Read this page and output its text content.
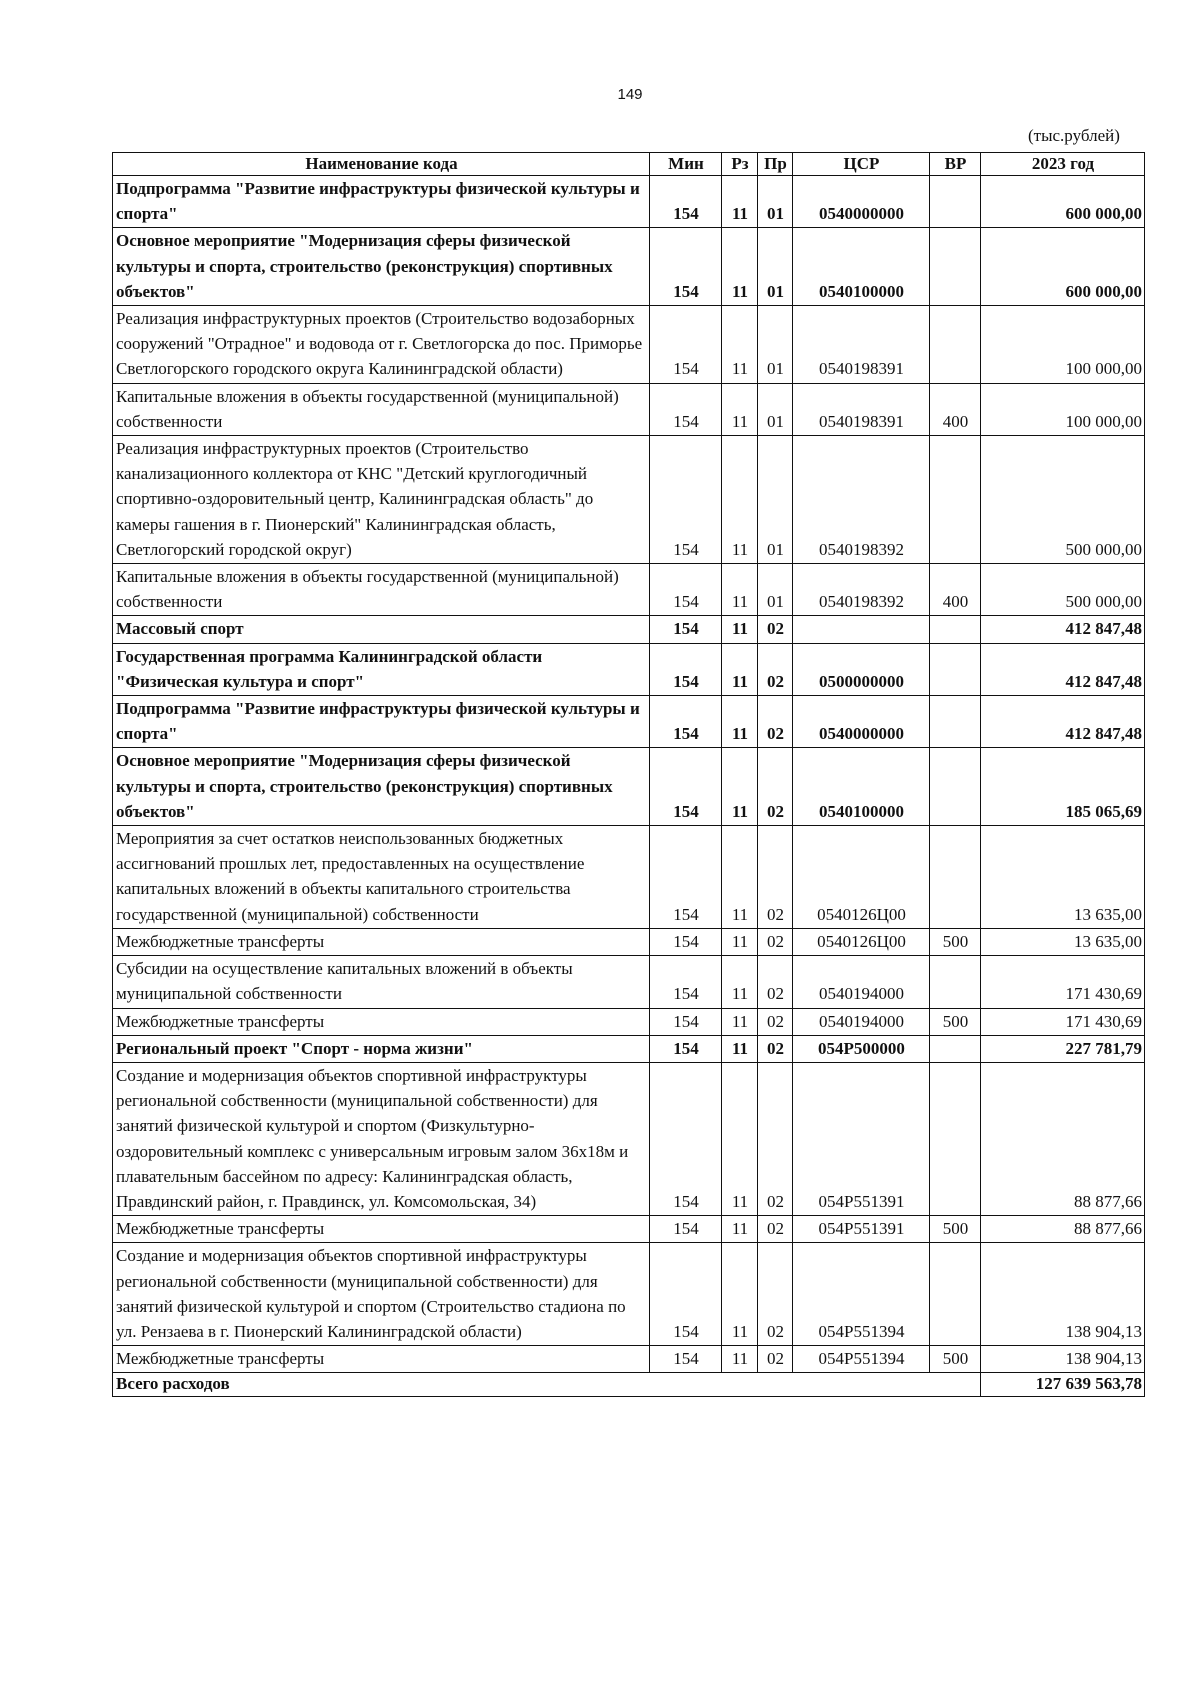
149
(тыс.рублей)
Наименование кода	Мин	Рз	Пр	ЦСР	ВР	2023 год
Подпрограмма "Развитие инфраструктуры физической культуры и спорта"	154	11	01	0540000000		600 000,00
Основное мероприятие "Модернизация сферы физической культуры и спорта, строительство (реконструкция) спортивных объектов"	154	11	01	0540100000		600 000,00
Реализация инфраструктурных проектов (Строительство водозаборных сооружений "Отрадное" и водовода от г. Светлогорска до пос. Приморье Светлогорского городского округа Калининградской области)	154	11	01	0540198391		100 000,00
Капитальные вложения в объекты государственной (муниципальной) собственности	154	11	01	0540198391	400	100 000,00
Реализация инфраструктурных проектов (Строительство канализационного коллектора от КНС "Детский круглогодичный спортивно-оздоровительный центр, Калининградская область" до камеры гашения в г. Пионерский" Калининградская область, Светлогорский городской округ)	154	11	01	0540198392		500 000,00
Капитальные вложения в объекты государственной (муниципальной) собственности	154	11	01	0540198392	400	500 000,00
Массовый спорт	154	11	02			412 847,48
Государственная программа Калининградской области "Физическая культура и спорт"	154	11	02	0500000000		412 847,48
Подпрограмма "Развитие инфраструктуры физической культуры и спорта"	154	11	02	0540000000		412 847,48
Основное мероприятие "Модернизация сферы физической культуры и спорта, строительство (реконструкция) спортивных объектов"	154	11	02	0540100000		185 065,69
Мероприятия за счет остатков неиспользованных бюджетных ассигнований прошлых лет, предоставленных на осуществление капитальных вложений в объекты капитального строительства государственной (муниципальной) собственности	154	11	02	0540126Ц00		13 635,00
Межбюджетные трансферты	154	11	02	0540126Ц00	500	13 635,00
Субсидии на осуществление капитальных вложений в объекты муниципальной собственности	154	11	02	0540194000		171 430,69
Межбюджетные трансферты	154	11	02	0540194000	500	171 430,69
Региональный проект "Спорт - норма жизни"	154	11	02	054P500000		227 781,79
Создание и модернизация объектов спортивной инфраструктуры региональной собственности (муниципальной собственности) для занятий физической культурой и спортом (Физкультурно-оздоровительный комплекс с универсальным игровым залом 36х18м и плавательным бассейном по адресу: Калининградская область, Правдинский район, г. Правдинск, ул. Комсомольская, 34)	154	11	02	054P551391		88 877,66
Межбюджетные трансферты	154	11	02	054P551391	500	88 877,66
Создание и модернизация объектов спортивной инфраструктуры региональной собственности (муниципальной собственности) для занятий физической культурой и спортом (Строительство стадиона по ул. Рензаева в г. Пионерский Калининградской области)	154	11	02	054P551394		138 904,13
Межбюджетные трансферты	154	11	02	054P551394	500	138 904,13
Всего расходов						127 639 563,78
